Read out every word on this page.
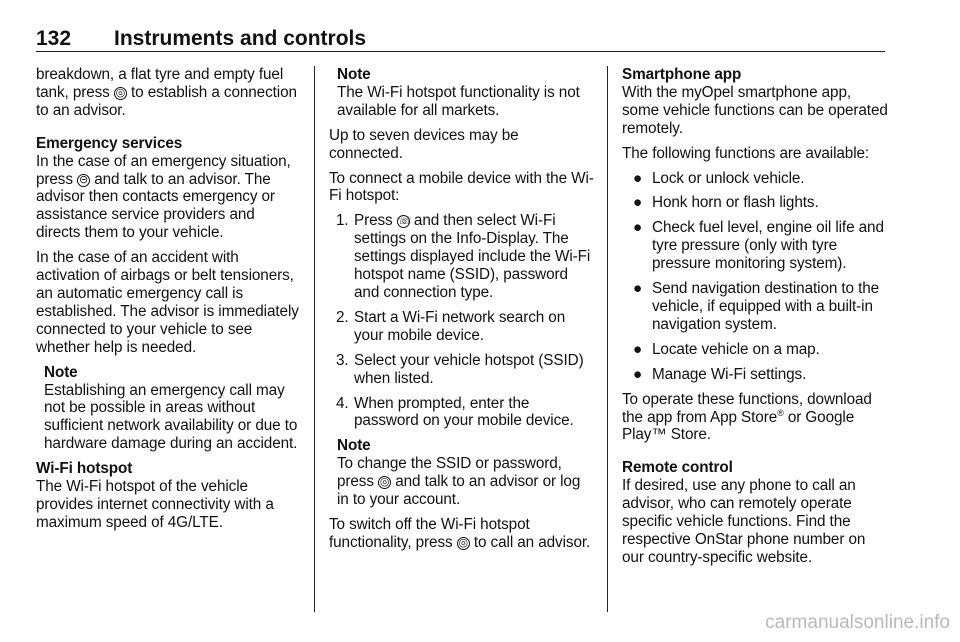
132 Instruments and controls

breakdown, a flat tyre and empty fuel tank, press ◎ to establish a connection to an advisor.

Emergency services

In the case of an emergency situation, press ⊝ and talk to an advisor. The advisor then contacts emergency or assistance service providers and directs them to your vehicle.

In the case of an accident with activation of airbags or belt tensioners, an automatic emergency call is established. The advisor is immediately connected to your vehicle to see whether help is needed.

Note
Establishing an emergency call may not be possible in areas without sufficient network availability or due to hardware damage during an accident.

Wi-Fi hotspot

The Wi-Fi hotspot of the vehicle provides internet connectivity with a maximum speed of 4G/LTE.

Note
The Wi-Fi hotspot functionality is not available for all markets.

Up to seven devices may be connected.

To connect a mobile device with the Wi-Fi hotspot:

1. Press ☏ and then select Wi-Fi settings on the Info-Display. The settings displayed include the Wi-Fi hotspot name (SSID), password and connection type.
2. Start a Wi-Fi network search on your mobile device.
3. Select your vehicle hotspot (SSID) when listed.
4. When prompted, enter the password on your mobile device.
Note
To change the SSID or password, press ◎ and talk to an advisor or log in to your account.

To switch off the Wi-Fi hotspot functionality, press ◎ to call an advisor.

Smartphone app

With the myOpel smartphone app, some vehicle functions can be operated remotely.

The following functions are available:

● Lock or unlock vehicle.
● Honk horn or flash lights.
● Check fuel level, engine oil life and tyre pressure (only with tyre pressure monitoring system).
● Send navigation destination to the vehicle, if equipped with a built-in navigation system.
● Locate vehicle on a map.
● Manage Wi-Fi settings.

To operate these functions, download the app from App Store® or Google Play™ Store.

Remote control

If desired, use any phone to call an advisor, who can remotely operate specific vehicle functions. Find the respective OnStar phone number on our country-specific website.

carmanualsonline.info
